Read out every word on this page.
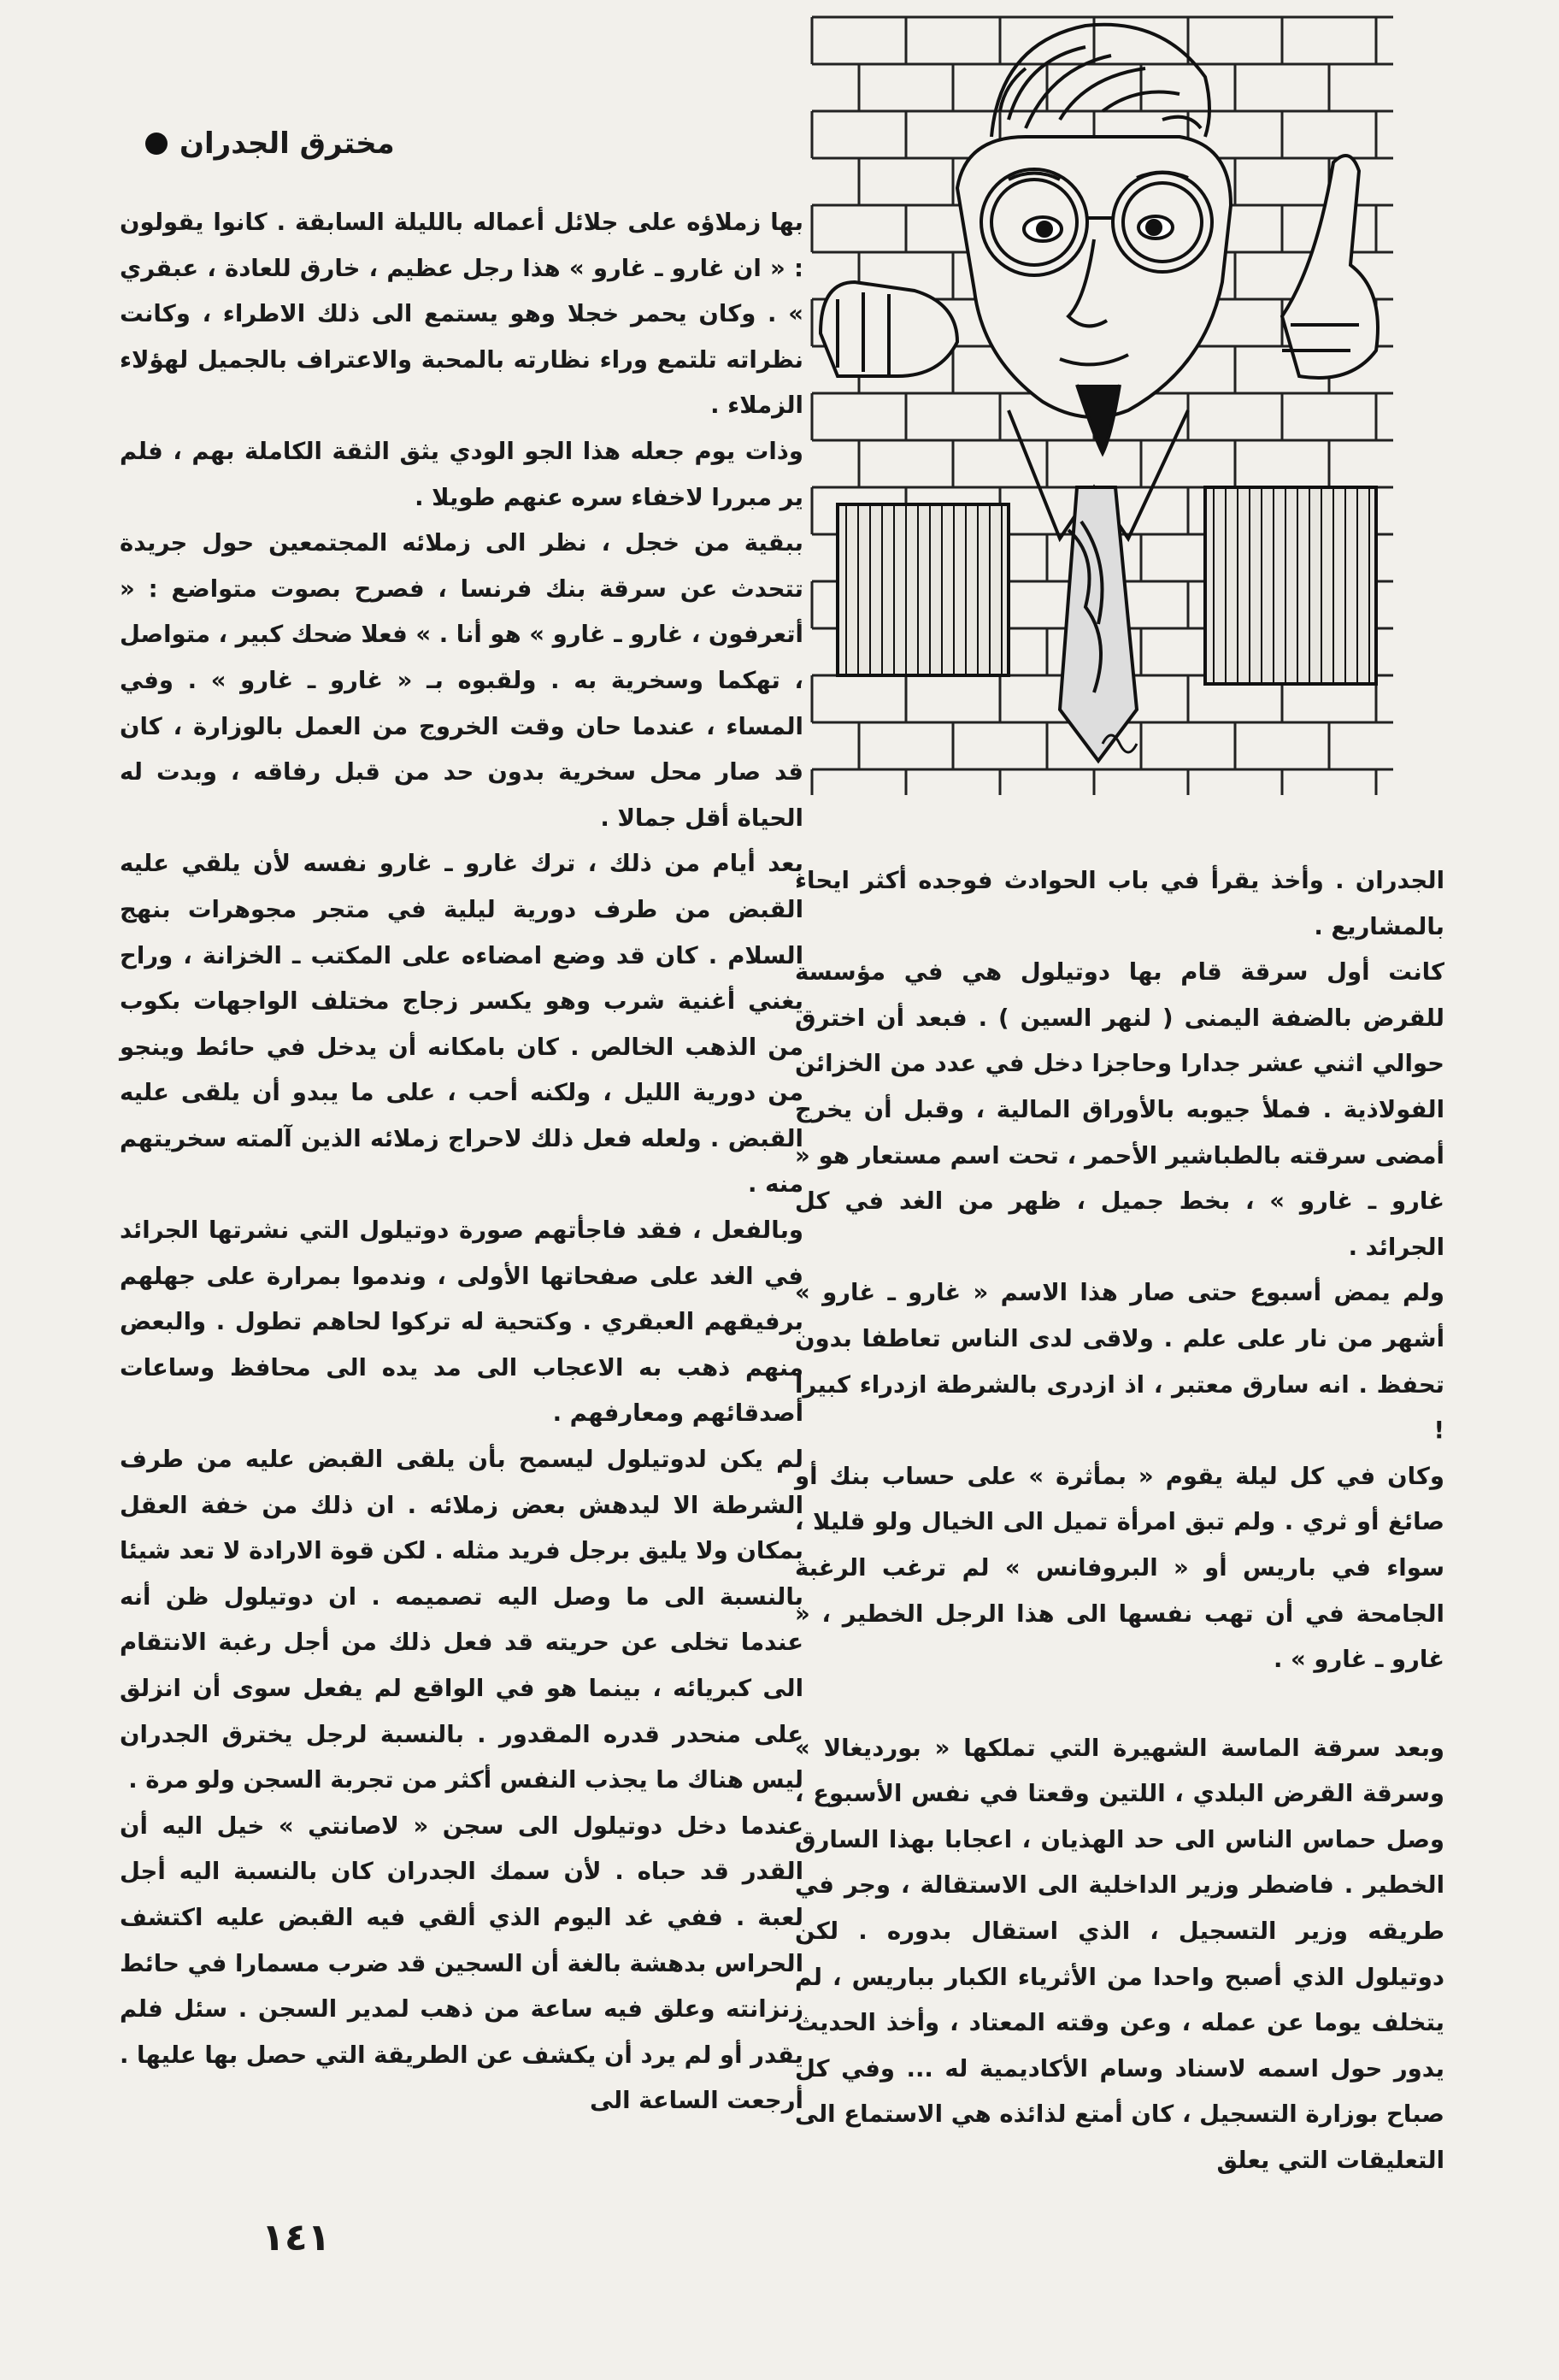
مخترق الجدران

بها زملاؤه على جلائل أعماله بالليلة السابقة . كانوا يقولون : « ان غارو ـ غارو » هذا رجل عظيم ، خارق للعادة ، عبقري » . وكان يحمر خجلا وهو يستمع الى ذلك الاطراء ، وكانت نظراته تلتمع وراء نظارته بالمحبة والاعتراف بالجميل لهؤلاء الزملاء .

وذات يوم جعله هذا الجو الودي يثق الثقة الكاملة بهم ، فلم ير مبررا لاخفاء سره عنهم طويلا .

ببقية من خجل ، نظر الى زملائه المجتمعين حول جريدة تتحدث عن سرقة بنك فرنسا ، فصرح بصوت متواضع : « أتعرفون ، غارو ـ غارو » هو أنا . » فعلا ضحك كبير ، متواصل ، تهكما وسخرية به . ولقبوه بـ « غارو ـ غارو » . وفي المساء ، عندما حان وقت الخروج من العمل بالوزارة ، كان قد صار محل سخرية بدون حد من قبل رفاقه ، وبدت له الحياة أقل جمالا .

بعد أيام من ذلك ، ترك غارو ـ غارو نفسه لأن يلقي عليه القبض من طرف دورية ليلية في متجر مجوهرات بنهج السلام . كان قد وضع امضاءه على المكتب ـ الخزانة ، وراح يغني أغنية شرب وهو يكسر زجاج مختلف الواجهات بكوب من الذهب الخالص . كان بامكانه أن يدخل في حائط وينجو من دورية الليل ، ولكنه أحب ، على ما يبدو أن يلقى عليه القبض . ولعله فعل ذلك لاحراج زملائه الذين آلمته سخريتهم منه .

وبالفعل ، فقد فاجأتهم صورة دوتيلول التي نشرتها الجرائد في الغد على صفحاتها الأولى ، وندموا بمرارة على جهلهم برفيقهم العبقري . وكتحية له تركوا لحاهم تطول . والبعض منهم ذهب به الاعجاب الى مد يده الى محافظ وساعات أصدقائهم ومعارفهم .

لم يكن لدوتيلول ليسمح بأن يلقى القبض عليه من طرف الشرطة الا ليدهش بعض زملائه . ان ذلك من خفة العقل بمكان ولا يليق برجل فريد مثله . لكن قوة الارادة لا تعد شيئا بالنسبة الى ما وصل اليه تصميمه . ان دوتيلول ظن أنه عندما تخلى عن حريته قد فعل ذلك من أجل رغبة الانتقام الى كبريائه ، بينما هو في الواقع لم يفعل سوى أن انزلق على منحدر قدره المقدور . بالنسبة لرجل يخترق الجدران ليس هناك ما يجذب النفس أكثر من تجربة السجن ولو مرة .

عندما دخل دوتيلول الى سجن « لاصانتي » خيل اليه أن القدر قد حباه . لأن سمك الجدران كان بالنسبة اليه أجل لعبة . ففي غد اليوم الذي ألقي فيه القبض عليه اكتشف الحراس بدهشة بالغة أن السجين قد ضرب مسمارا في حائط زنزانته وعلق فيه ساعة من ذهب لمدير السجن . سئل فلم يقدر أو لم يرد أن يكشف عن الطريقة التي حصل بها عليها . أرجعت الساعة الى

الجدران . وأخذ يقرأ في باب الحوادث فوجده أكثر ايحاء بالمشاريع .

كانت أول سرقة قام بها دوتيلول هي في مؤسسة للقرض بالضفة اليمنى ( لنهر السين ) . فبعد أن اخترق حوالي اثني عشر جدارا وحاجزا دخل في عدد من الخزائن الفولاذية . فملأ جيوبه بالأوراق المالية ، وقبل أن يخرج أمضى سرقته بالطباشير الأحمر ، تحت اسم مستعار هو « غارو ـ غارو » ، بخط جميل ، ظهر من الغد في كل الجرائد .

ولم يمض أسبوع حتى صار هذا الاسم « غارو ـ غارو » أشهر من نار على علم . ولاقى لدى الناس تعاطفا بدون تحفظ . انه سارق معتبر ، اذ ازدرى بالشرطة ازدراء كبيرا !

وكان في كل ليلة يقوم « بمأثرة » على حساب بنك أو صائغ أو ثري . ولم تبق امرأة تميل الى الخيال ولو قليلا ، سواء في باريس أو « البروفانس » لم ترغب الرغبة الجامحة في أن تهب نفسها الى هذا الرجل الخطير ، « غارو ـ غارو » .

وبعد سرقة الماسة الشهيرة التي تملكها « بورديغالا » وسرقة القرض البلدي ، اللتين وقعتا في نفس الأسبوع ، وصل حماس الناس الى حد الهذيان ، اعجابا بهذا السارق الخطير . فاضطر وزير الداخلية الى الاستقالة ، وجر في طريقه وزير التسجيل ، الذي استقال بدوره . لكن دوتيلول الذي أصبح واحدا من الأثرياء الكبار بباريس ، لم يتخلف يوما عن عمله ، وعن وقته المعتاد ، وأخذ الحديث يدور حول اسمه لاسناد وسام الأكاديمية له ... وفي كل صباح بوزارة التسجيل ، كان أمتع لذائذه هي الاستماع الى التعليقات التي يعلق

١٤١
